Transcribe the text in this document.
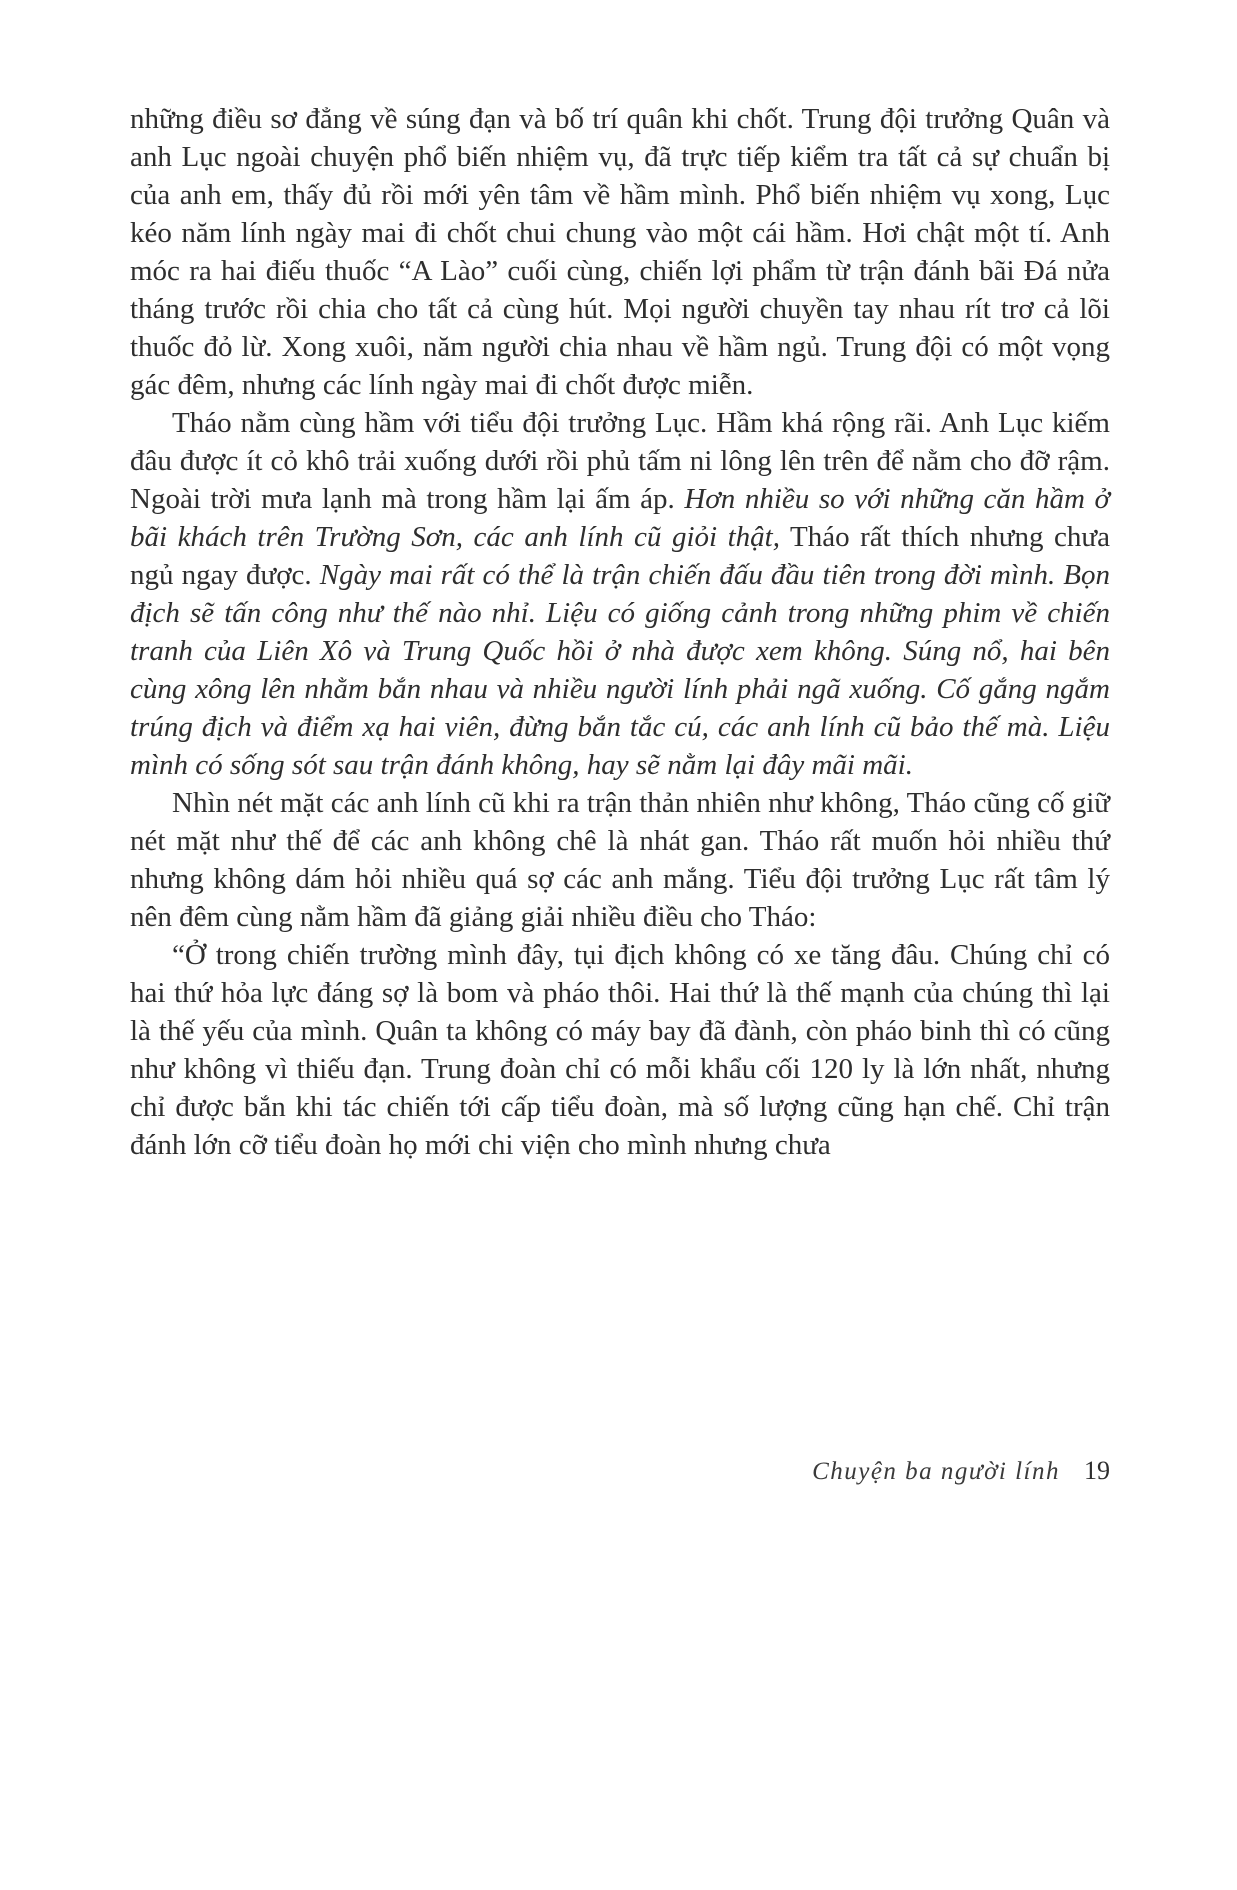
những điều sơ đẳng về súng đạn và bố trí quân khi chốt. Trung đội trưởng Quân và anh Lục ngoài chuyện phổ biến nhiệm vụ, đã trực tiếp kiểm tra tất cả sự chuẩn bị của anh em, thấy đủ rồi mới yên tâm về hầm mình. Phổ biến nhiệm vụ xong, Lục kéo năm lính ngày mai đi chốt chui chung vào một cái hầm. Hơi chật một tí. Anh móc ra hai điếu thuốc “A Lào” cuối cùng, chiến lợi phẩm từ trận đánh bãi Đá nửa tháng trước rồi chia cho tất cả cùng hút. Mọi người chuyền tay nhau rít trơ cả lõi thuốc đỏ lừ. Xong xuôi, năm người chia nhau về hầm ngủ. Trung đội có một vọng gác đêm, nhưng các lính ngày mai đi chốt được miễn.

Tháo nằm cùng hầm với tiểu đội trưởng Lục. Hầm khá rộng rãi. Anh Lục kiếm đâu được ít cỏ khô trải xuống dưới rồi phủ tấm ni lông lên trên để nằm cho đỡ rậm. Ngoài trời mưa lạnh mà trong hầm lại ấm áp. Hơn nhiều so với những căn hầm ở bãi khách trên Trường Sơn, các anh lính cũ giỏi thật, Tháo rất thích nhưng chưa ngủ ngay được. Ngày mai rất có thể là trận chiến đấu đầu tiên trong đời mình. Bọn địch sẽ tấn công như thế nào nhỉ. Liệu có giống cảnh trong những phim về chiến tranh của Liên Xô và Trung Quốc hồi ở nhà được xem không. Súng nổ, hai bên cùng xông lên nhằm bắn nhau và nhiều người lính phải ngã xuống. Cố gắng ngắm trúng địch và điểm xạ hai viên, đừng bắn tắc cú, các anh lính cũ bảo thế mà. Liệu mình có sống sót sau trận đánh không, hay sẽ nằm lại đây mãi mãi.

Nhìn nét mặt các anh lính cũ khi ra trận thản nhiên như không, Tháo cũng cố giữ nét mặt như thế để các anh không chê là nhát gan. Tháo rất muốn hỏi nhiều thứ nhưng không dám hỏi nhiều quá sợ các anh mắng. Tiểu đội trưởng Lục rất tâm lý nên đêm cùng nằm hầm đã giảng giải nhiều điều cho Tháo:

“Ở trong chiến trường mình đây, tụi địch không có xe tăng đâu. Chúng chỉ có hai thứ hỏa lực đáng sợ là bom và pháo thôi. Hai thứ là thế mạnh của chúng thì lại là thế yếu của mình. Quân ta không có máy bay đã đành, còn pháo binh thì có cũng như không vì thiếu đạn. Trung đoàn chỉ có mỗi khẩu cối 120 ly là lớn nhất, nhưng chỉ được bắn khi tác chiến tới cấp tiểu đoàn, mà số lượng cũng hạn chế. Chỉ trận đánh lớn cỡ tiểu đoàn họ mới chi viện cho mình nhưng chưa

Chuyện ba người lính 19
